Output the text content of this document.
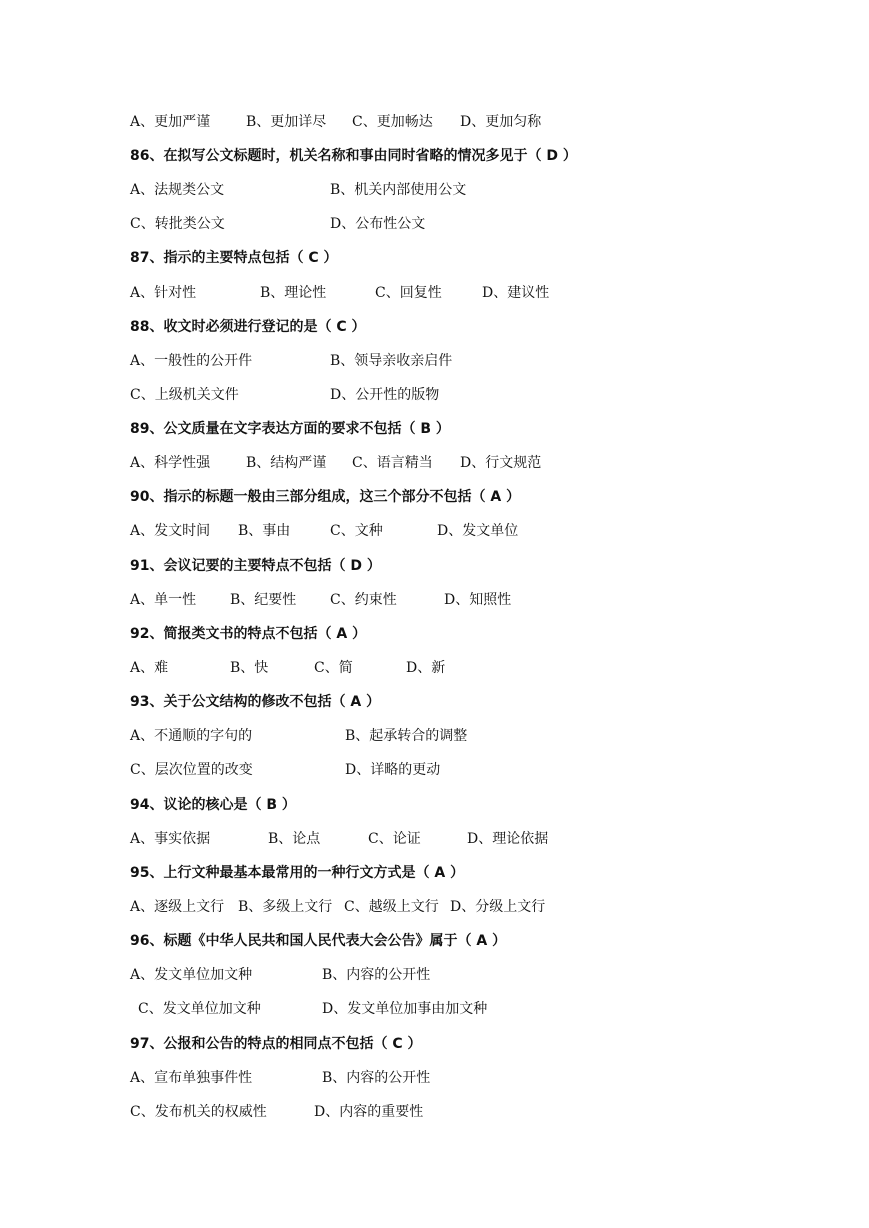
A、更加严谨

	B、更加详尽

C、更加畅达

D、更加匀称

86、在拟写公文标题时，机关名称和事由同时省略的情况多见于（ D ）

A、法规类公文

	B、机关内部使用公文

C、转批类公文

	D、公布性公文

87、指示的主要特点包括（ C ）

A、针对性

	B、理论性

	C、回复性

	D、建议性

88、收文时必须进行登记的是（ C ）

A、一般性的公开件

	B、领导亲收亲启件

C、上级机关文件

	D、公开性的版物

89、公文质量在文字表达方面的要求不包括（ B ）

A、科学性强

	B、结构严谨

C、语言精当

D、行文规范

90、指示的标题一般由三部分组成，这三个部分不包括（ A ）

A、发文时间

B、事由

	C、文种

	D、发文单位

91、会议记要的主要特点不包括（ D ）

A、单一性

B、纪要性

C、约束性

	D、知照性

92、简报类文书的特点不包括（ A ）

A、难

	B、快

	C、简

	D、新

93、关于公文结构的修改不包括（ A ）

A、不通顺的字句的

	B、起承转合的调整

C、层次位置的改变

	D、详略的更动

94、议论的核心是（ B ）

A、事实依据

	B、论点

	C、论证

	D、理论依据

95、上行文种最基本最常用的一种行文方式是（ A ）

A、逐级上文行

B、多级上文行

C、越级上文行

D、分级上文行

96、标题《中华人民共和国人民代表大会公告》属于（ A ）

A、发文单位加文种

	B、内容的公开性

C、发文单位加文种

	D、发文单位加事由加文种

97、公报和公告的特点的相同点不包括（ C ）

A、宣布单独事件性

	B、内容的公开性

C、发布机关的权威性

	D、内容的重要性
